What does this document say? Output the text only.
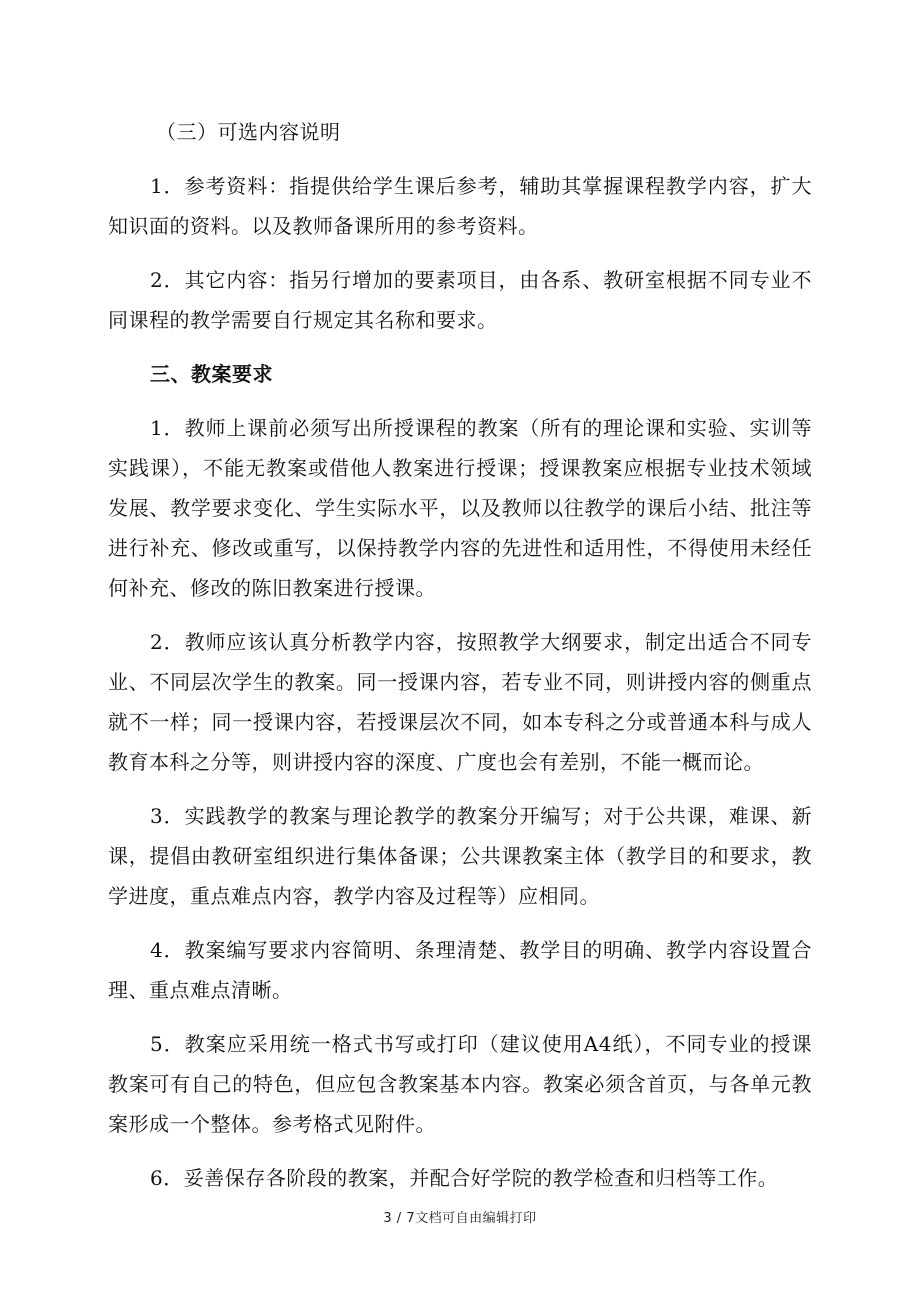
（三）可选内容说明

1．参考资料：指提供给学生课后参考，辅助其掌握课程教学内容，扩大知识面的资料。以及教师备课所用的参考资料。

2．其它内容：指另行增加的要素项目，由各系、教研室根据不同专业不同课程的教学需要自行规定其名称和要求。

三、教案要求

1．教师上课前必须写出所授课程的教案（所有的理论课和实验、实训等实践课），不能无教案或借他人教案进行授课；授课教案应根据专业技术领域发展、教学要求变化、学生实际水平，以及教师以往教学的课后小结、批注等进行补充、修改或重写，以保持教学内容的先进性和适用性，不得使用未经任何补充、修改的陈旧教案进行授课。

2．教师应该认真分析教学内容，按照教学大纲要求，制定出适合不同专业、不同层次学生的教案。同一授课内容，若专业不同，则讲授内容的侧重点就不一样；同一授课内容，若授课层次不同，如本专科之分或普通本科与成人教育本科之分等，则讲授内容的深度、广度也会有差别，不能一概而论。

3．实践教学的教案与理论教学的教案分开编写；对于公共课，难课、新课，提倡由教研室组织进行集体备课；公共课教案主体（教学目的和要求，教学进度，重点难点内容，教学内容及过程等）应相同。

4．教案编写要求内容简明、条理清楚、教学目的明确、教学内容设置合理、重点难点清晰。

5．教案应采用统一格式书写或打印（建议使用A4纸），不同专业的授课教案可有自己的特色，但应包含教案基本内容。教案必须含首页，与各单元教案形成一个整体。参考格式见附件。

6．妥善保存各阶段的教案，并配合好学院的教学检查和归档等工作。

3 / 7文档可自由编辑打印
